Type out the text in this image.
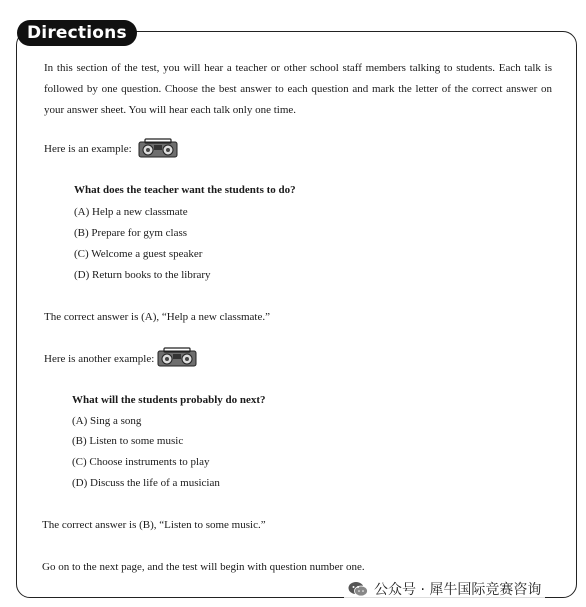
Directions
In this section of the test, you will hear a teacher or other school staff members talking to students. Each talk is followed by one question. Choose the best answer to each question and mark the letter of the correct answer on your answer sheet. You will hear each talk only one time.
Here is an example:
What does the teacher want the students to do?
(A) Help a new classmate
(B) Prepare for gym class
(C) Welcome a guest speaker
(D) Return books to the library
The correct answer is (A), “Help a new classmate.”
Here is another example:
What will the students probably do next?
(A) Sing a song
(B) Listen to some music
(C) Choose instruments to play
(D) Discuss the life of a musician
The correct answer is (B), “Listen to some music.”
Go on to the next page, and the test will begin with question number one.
公众号 · 犀牛国际竞赛咨询
